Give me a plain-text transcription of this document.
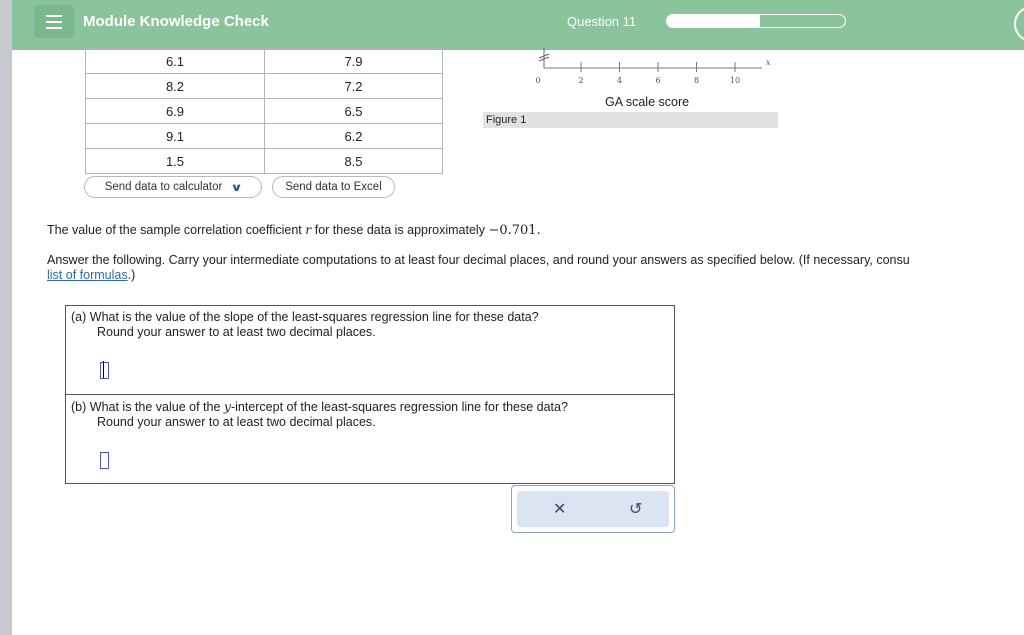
Module Knowledge Check	Question 11
6.1	7.9
8.2	7.2
6.9	6.5
9.1	6.2
1.5	8.5
Send data to calculator ∨	Send data to Excel
0	2	4	6	8	10
x
GA scale score
Figure 1
The value of the sample correlation coefficient r for these data is approximately −0.701.
Answer the following. Carry your intermediate computations to at least four decimal places, and round your answers as specified below. (If necessary, consu
list of formulas.)
(a) What is the value of the slope of the least-squares regression line for these data?
Round your answer to at least two decimal places.
(b) What is the value of the y-intercept of the least-squares regression line for these data?
Round your answer to at least two decimal places.
✕	↺
